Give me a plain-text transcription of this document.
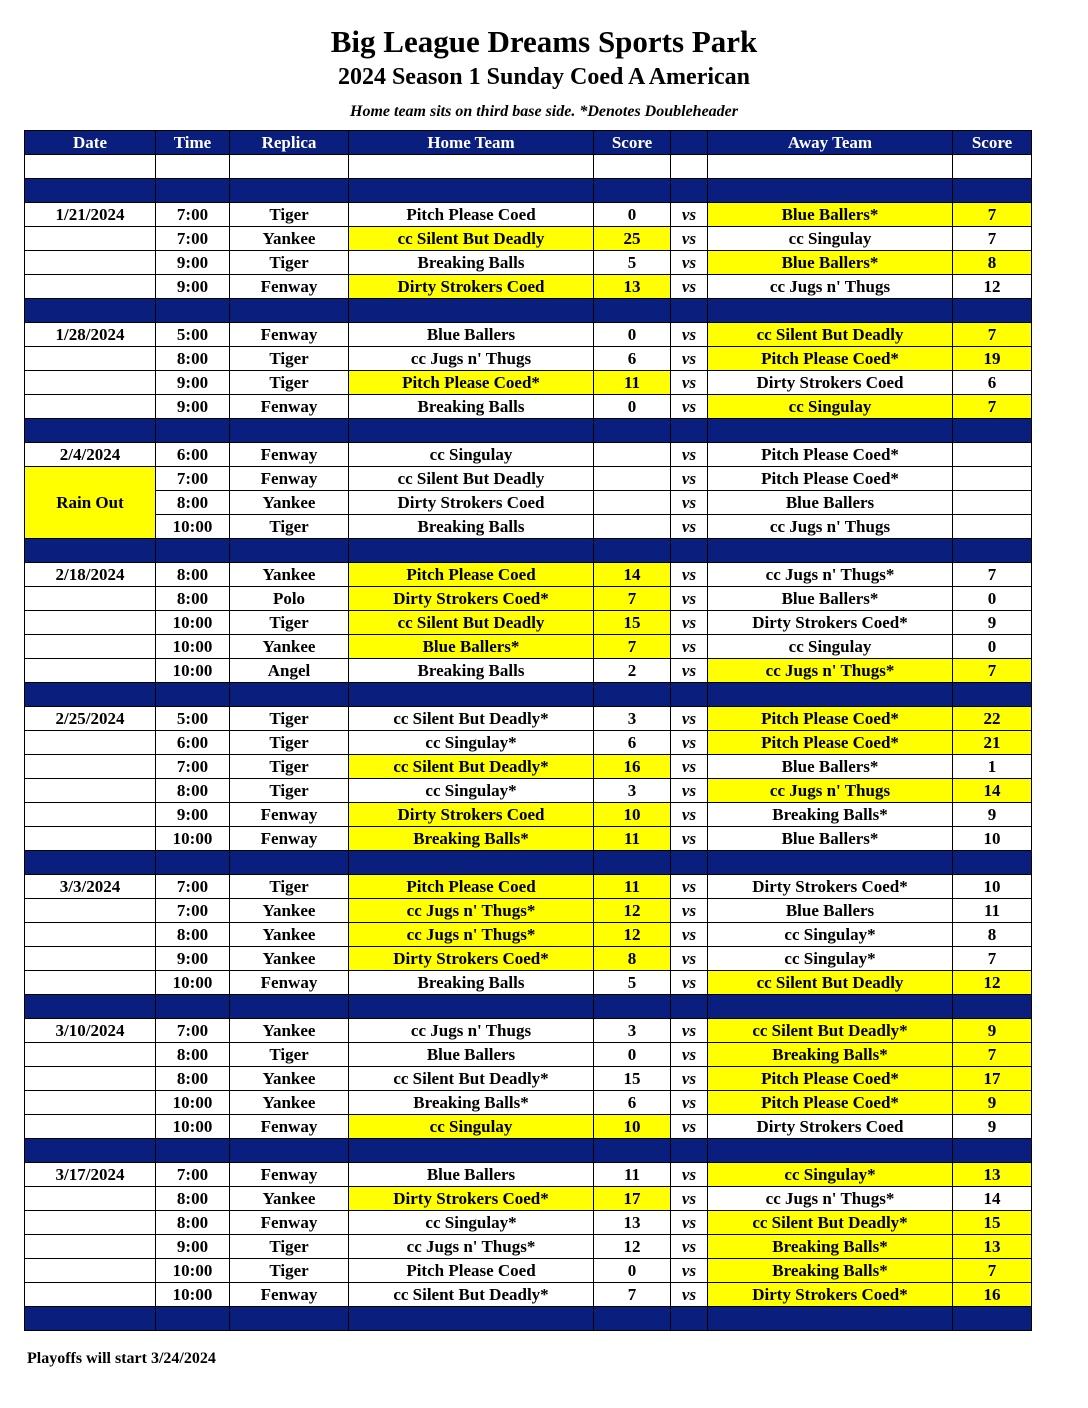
Big League Dreams Sports Park
2024 Season 1 Sunday Coed A American
Home team sits on third base side. *Denotes Doubleheader
Date	Time	Replica	Home Team	Score		Away Team	Score

1/21/2024	7:00	Tiger	Pitch Please Coed	0	vs	Blue Ballers*	7
	7:00	Yankee	cc Silent But Deadly	25	vs	cc Singulay	7
	9:00	Tiger	Breaking Balls	5	vs	Blue Ballers*	8
	9:00	Fenway	Dirty Strokers Coed	13	vs	cc Jugs n' Thugs	12

1/28/2024	5:00	Fenway	Blue Ballers	0	vs	cc Silent But Deadly	7
	8:00	Tiger	cc Jugs n' Thugs	6	vs	Pitch Please Coed*	19
	9:00	Tiger	Pitch Please Coed*	11	vs	Dirty Strokers Coed	6
	9:00	Fenway	Breaking Balls	0	vs	cc Singulay	7

2/4/2024	6:00	Fenway	cc Singulay		vs	Pitch Please Coed*	
Rain Out	7:00	Fenway	cc Silent But Deadly		vs	Pitch Please Coed*	
	8:00	Yankee	Dirty Strokers Coed		vs	Blue Ballers	
	10:00	Tiger	Breaking Balls		vs	cc Jugs n' Thugs	

2/18/2024	8:00	Yankee	Pitch Please Coed	14	vs	cc Jugs n' Thugs*	7
	8:00	Polo	Dirty Strokers Coed*	7	vs	Blue Ballers*	0
	10:00	Tiger	cc Silent But Deadly	15	vs	Dirty Strokers Coed*	9
	10:00	Yankee	Blue Ballers*	7	vs	cc Singulay	0
	10:00	Angel	Breaking Balls	2	vs	cc Jugs n' Thugs*	7

2/25/2024	5:00	Tiger	cc Silent But Deadly*	3	vs	Pitch Please Coed*	22
	6:00	Tiger	cc Singulay*	6	vs	Pitch Please Coed*	21
	7:00	Tiger	cc Silent But Deadly*	16	vs	Blue Ballers*	1
	8:00	Tiger	cc Singulay*	3	vs	cc Jugs n' Thugs	14
	9:00	Fenway	Dirty Strokers Coed	10	vs	Breaking Balls*	9
	10:00	Fenway	Breaking Balls*	11	vs	Blue Ballers*	10

3/3/2024	7:00	Tiger	Pitch Please Coed	11	vs	Dirty Strokers Coed*	10
	7:00	Yankee	cc Jugs n' Thugs*	12	vs	Blue Ballers	11
	8:00	Yankee	cc Jugs n' Thugs*	12	vs	cc Singulay*	8
	9:00	Yankee	Dirty Strokers Coed*	8	vs	cc Singulay*	7
	10:00	Fenway	Breaking Balls	5	vs	cc Silent But Deadly	12

3/10/2024	7:00	Yankee	cc Jugs n' Thugs	3	vs	cc Silent But Deadly*	9
	8:00	Tiger	Blue Ballers	0	vs	Breaking Balls*	7
	8:00	Yankee	cc Silent But Deadly*	15	vs	Pitch Please Coed*	17
	10:00	Yankee	Breaking Balls*	6	vs	Pitch Please Coed*	9
	10:00	Fenway	cc Singulay	10	vs	Dirty Strokers Coed	9

3/17/2024	7:00	Fenway	Blue Ballers	11	vs	cc Singulay*	13
	8:00	Yankee	Dirty Strokers Coed*	17	vs	cc Jugs n' Thugs*	14
	8:00	Fenway	cc Singulay*	13	vs	cc Silent But Deadly*	15
	9:00	Tiger	cc Jugs n' Thugs*	12	vs	Breaking Balls*	13
	10:00	Tiger	Pitch Please Coed	0	vs	Breaking Balls*	7
	10:00	Fenway	cc Silent But Deadly*	7	vs	Dirty Strokers Coed*	16

Playoffs will start 3/24/2024
